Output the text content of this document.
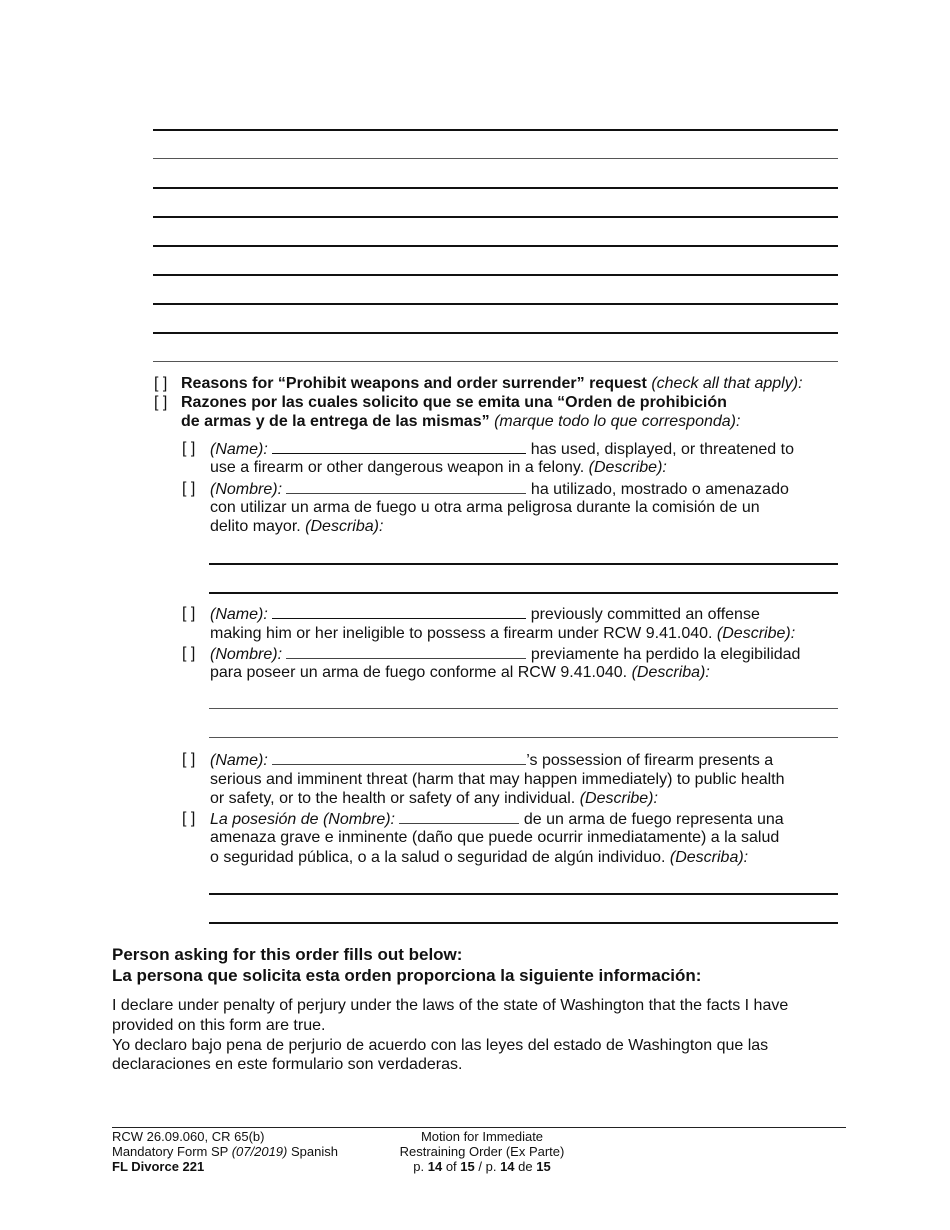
[ ] Reasons for “Prohibit weapons and order surrender” request (check all that apply):
[ ] Razones por las cuales solicito que se emita una “Orden de prohibición
de armas y de la entrega de las mismas” (marque todo lo que corresponda):
[ ] (Name):	has used, displayed, or threatened to
use a firearm or other dangerous weapon in a felony. (Describe):
[ ] (Nombre):	ha utilizado, mostrado o amenazado
con utilizar un arma de fuego u otra arma peligrosa durante la comisión de un
delito mayor. (Describa):
[ ] (Name):	previously committed an offense
making him or her ineligible to possess a firearm under RCW 9.41.040. (Describe):
[ ] (Nombre):	previamente ha perdido la elegibilidad
para poseer un arma de fuego conforme al RCW 9.41.040. (Describa):
[ ] (Name):	’s possession of firearm presents a
serious and imminent threat (harm that may happen immediately) to public health
or safety, or to the health or safety of any individual. (Describe):
[ ] La posesión de (Nombre):	de un arma de fuego representa una
amenaza grave e inminente (daño que puede ocurrir inmediatamente) a la salud
o seguridad pública, o a la salud o seguridad de algún individuo. (Describa):
Person asking for this order fills out below:
La persona que solicita esta orden proporciona la siguiente información:
I declare under penalty of perjury under the laws of the state of Washington that the facts I have
provided on this form are true.
Yo declaro bajo pena de perjurio de acuerdo con las leyes del estado de Washington que las
declaraciones en este formulario son verdaderas.
RCW 26.09.060, CR 65(b)
Mandatory Form SP (07/2019) Spanish
FL Divorce 221
Motion for Immediate
Restraining Order (Ex Parte)
p. 14 of 15 / p. 14 de 15
